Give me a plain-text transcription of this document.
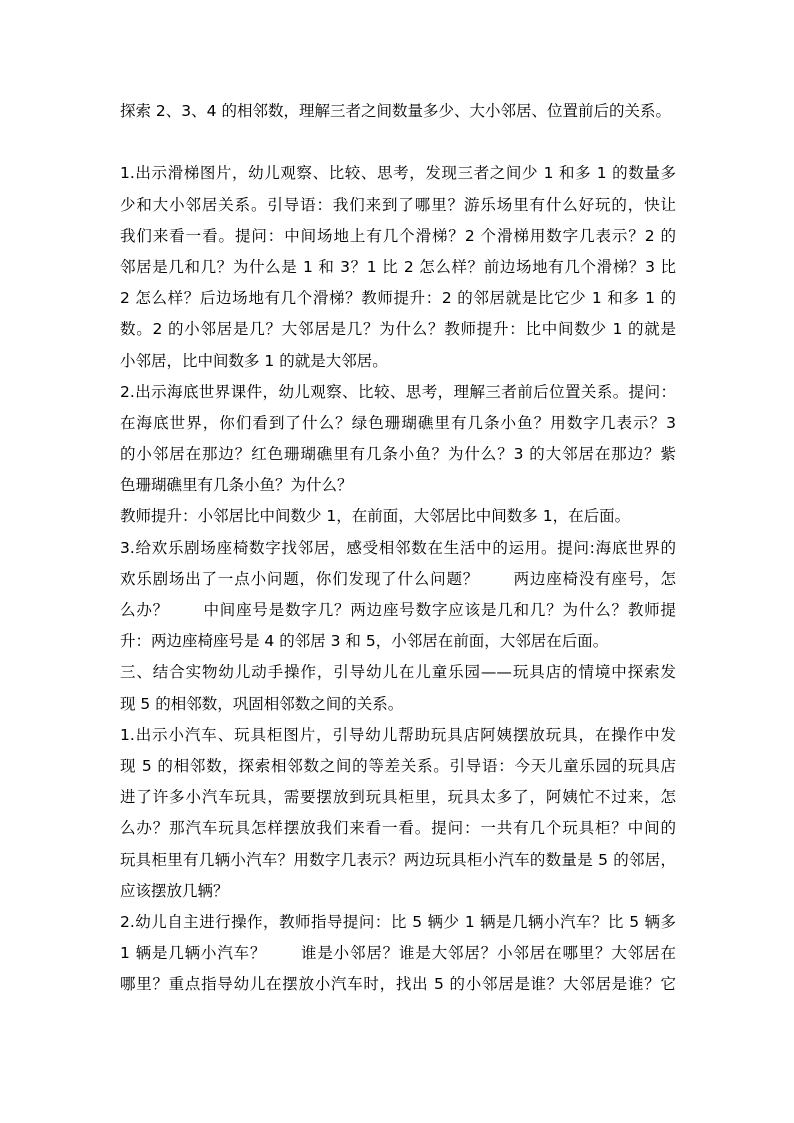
探索 2、3、4 的相邻数，理解三者之间数量多少、大小邻居、位置前后的关系。
1.出示滑梯图片，幼儿观察、比较、思考，发现三者之间少 1 和多 1 的数量多
少和大小邻居关系。引导语：我们来到了哪里？游乐场里有什么好玩的，快让
我们来看一看。提问：中间场地上有几个滑梯？2 个滑梯用数字几表示？2 的
邻居是几和几？为什么是 1 和 3？1 比 2 怎么样？前边场地有几个滑梯？3 比
2 怎么样？后边场地有几个滑梯？教师提升：2 的邻居就是比它少 1 和多 1 的
数。2 的小邻居是几？大邻居是几？为什么？教师提升：比中间数少 1 的就是
小邻居，比中间数多 1 的就是大邻居。
2.出示海底世界课件，幼儿观察、比较、思考，理解三者前后位置关系。提问：
在海底世界，你们看到了什么？绿色珊瑚礁里有几条小鱼？用数字几表示？3
的小邻居在那边？红色珊瑚礁里有几条小鱼？为什么？3 的大邻居在那边？紫
色珊瑚礁里有几条小鱼？为什么？
教师提升：小邻居比中间数少 1，在前面，大邻居比中间数多 1，在后面。
3.给欢乐剧场座椅数字找邻居，感受相邻数在生活中的运用。提问:海底世界的
欢乐剧场出了一点小问题，你们发现了什么问题？      两边座椅没有座号，怎
么办？      中间座号是数字几？两边座号数字应该是几和几？为什么？教师提
升：两边座椅座号是 4 的邻居 3 和 5，小邻居在前面，大邻居在后面。
三、结合实物幼儿动手操作，引导幼儿在儿童乐园——玩具店的情境中探索发
现 5 的相邻数，巩固相邻数之间的关系。
1.出示小汽车、玩具柜图片，引导幼儿帮助玩具店阿姨摆放玩具，在操作中发
现 5 的相邻数，探索相邻数之间的等差关系。引导语：今天儿童乐园的玩具店
进了许多小汽车玩具，需要摆放到玩具柜里，玩具太多了，阿姨忙不过来，怎
么办？那汽车玩具怎样摆放我们来看一看。提问：一共有几个玩具柜？中间的
玩具柜里有几辆小汽车？用数字几表示？两边玩具柜小汽车的数量是 5 的邻居，
应该摆放几辆？
2.幼儿自主进行操作，教师指导提问：比 5 辆少 1 辆是几辆小汽车？比 5 辆多
1 辆是几辆小汽车？      谁是小邻居？谁是大邻居？小邻居在哪里？大邻居在
哪里？重点指导幼儿在摆放小汽车时，找出 5 的小邻居是谁？大邻居是谁？它
